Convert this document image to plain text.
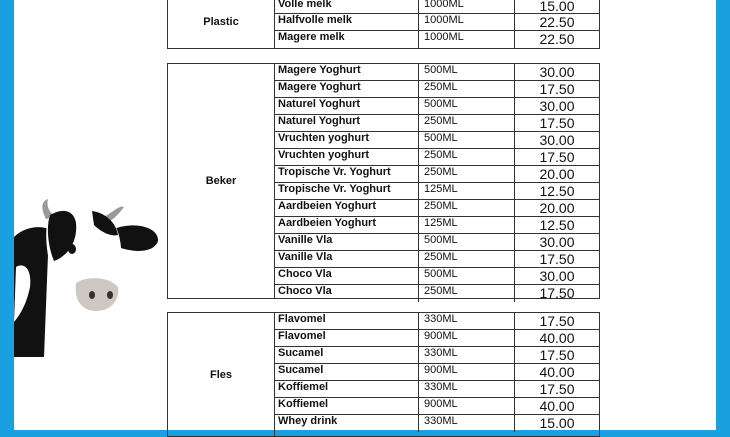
Plastic
Volle melk	1000ML	15.00
Halfvolle melk	1000ML	22.50
Magere melk	1000ML	22.50
Beker
Magere Yoghurt	500ML	30.00
Magere Yoghurt	250ML	17.50
Naturel Yoghurt	500ML	30.00
Naturel Yoghurt	250ML	17.50
Vruchten yoghurt	500ML	30.00
Vruchten yoghurt	250ML	17.50
Tropische Vr. Yoghurt	250ML	20.00
Tropische Vr. Yoghurt	125ML	12.50
Aardbeien Yoghurt	250ML	20.00
Aardbeien Yoghurt	125ML	12.50
Vanille Vla	500ML	30.00
Vanille Vla	250ML	17.50
Choco Vla	500ML	30.00
Choco Vla	250ML	17.50
Fles
Flavomel	330ML	17.50
Flavomel	900ML	40.00
Sucamel	330ML	17.50
Sucamel	900ML	40.00
Koffiemel	330ML	17.50
Koffiemel	900ML	40.00
Whey drink	330ML	15.00
